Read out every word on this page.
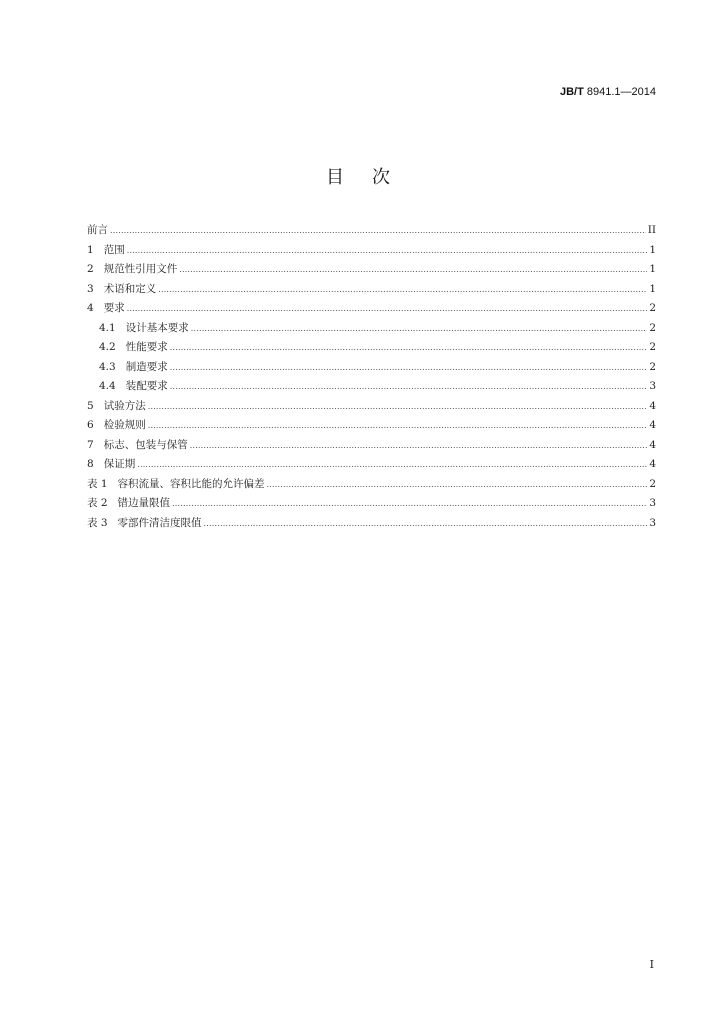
JB/T 8941.1—2014
目次
前言 .....	II
1 范围 .....	1
2 规范性引用文件 .....	1
3 术语和定义 .....	1
4 要求 .....	2
4.1 设计基本要求 .....	2
4.2 性能要求 .....	2
4.3 制造要求 .....	2
4.4 装配要求 .....	3
5 试验方法 .....	4
6 检验规则 .....	4
7 标志、包装与保管 .....	4
8 保证期 .....	4
表 1 容积流量、容积比能的允许偏差 .....	2
表 2 错边量限值 .....	3
表 3 零部件清洁度限值 .....	3
I
